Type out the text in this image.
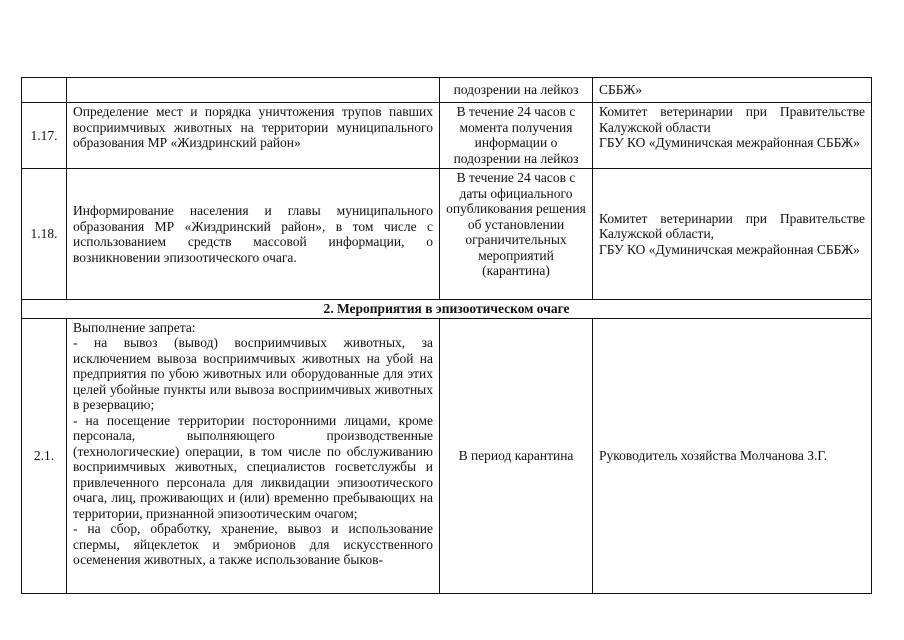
		подозрении на лейкоз	СББЖ»

1.17.	Определение мест и порядка уничтожения трупов павших восприимчивых животных на территории муниципального образования МР «Жиздринский район»	В течение 24 часов с момента получения информации о подозрении на лейкоз	Комитет ветеринарии при Правительстве Калужской области
ГБУ КО «Думиничская межрайонная СББЖ»

1.18.	Информирование населения и главы муниципального образования МР «Жиздринский район», в том числе с использованием средств массовой информации, о возникновении эпизоотического очага.	В течение 24 часов с даты официального опубликования решения об установлении ограничительных мероприятий (карантина)	Комитет ветеринарии при Правительстве Калужской области,
ГБУ КО «Думиничская межрайонная СББЖ»

2. Мероприятия в эпизоотическом очаге			
2.1.	Выполнение запрета:
- на вывоз (вывод) восприимчивых животных, за исключением вывоза восприимчивых животных на убой на предприятия по убою животных или оборудованные для этих целей убойные пункты или вывоза восприимчивых животных в резервацию;
- на посещение территории посторонними лицами, кроме персонала, выполняющего производственные (технологические) операции, в том числе по обслуживанию восприимчивых животных, специалистов госветслужбы и привлеченного персонала для ликвидации эпизоотического очага, лиц, проживающих и (или) временно пребывающих на территории, признанной эпизоотическим очагом;
- на сбор, обработку, хранение, вывоз и использование спермы, яйцеклеток и эмбрионов для искусственного осеменения животных, а также использование быков-	В период карантина	Руководитель хозяйства Молчанова З.Г.
